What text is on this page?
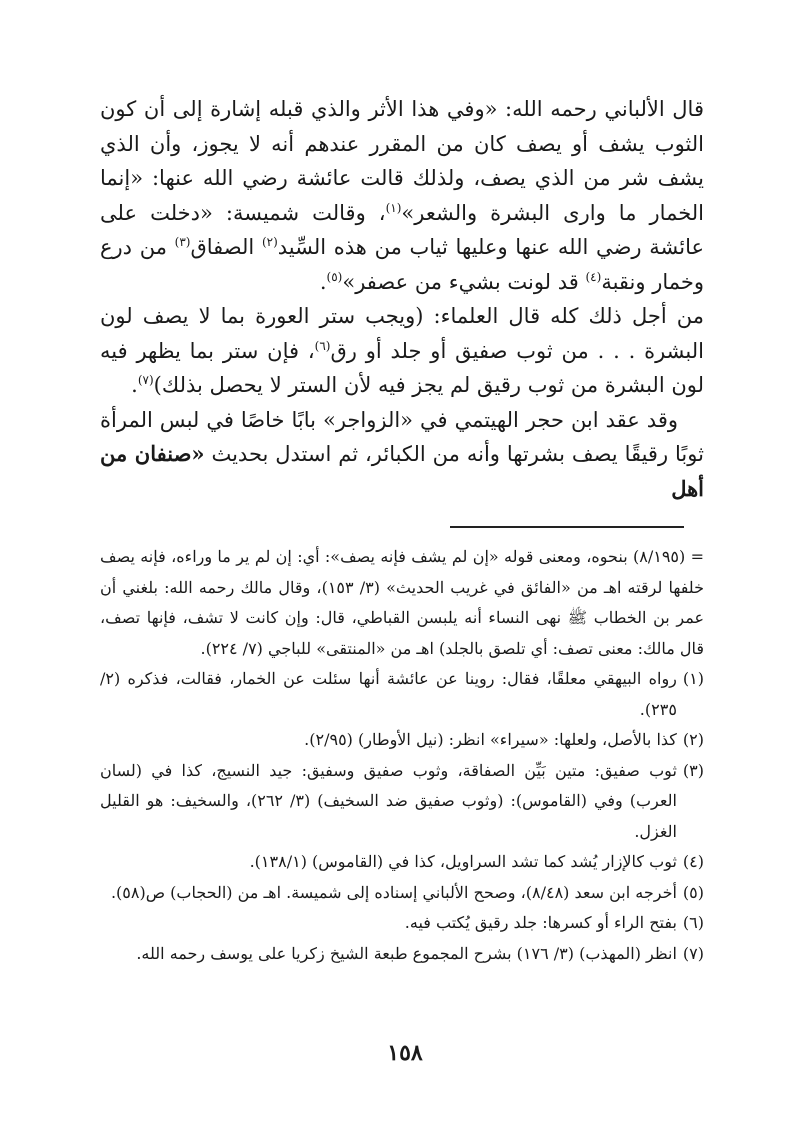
قال الألباني رحمه الله: «وفي هذا الأثر والذي قبله إشارة إلى أن كون الثوب يشف أو يصف كان من المقرر عندهم أنه لا يجوز، وأن الذي يشف شر من الذي يصف، ولذلك قالت عائشة رضي الله عنها: «إنما الخمار ما وارى البشرة والشعر»$^{(١)}$، وقالت شميسة: «دخلت على عائشة رضي الله عنها وعليها ثياب من هذه السِّيد$^{(٢)}$ الصفاق$^{(٣)}$ من درع وخمار ونقبة$^{(٤)}$ قد لونت بشيء من عصفر»$^{(٥)}$.

من أجل ذلك كله قال العلماء: (ويجب ستر العورة بما لا يصف لون البشرة . . . من ثوب صفيق أو جلد أو رق$^{(٦)}$، فإن ستر بما يظهر فيه لون البشرة من ثوب رقيق لم يجز فيه لأن الستر لا يحصل بذلك)$^{(٧)}$.

وقد عقد ابن حجر الهيتمي في «الزواجر» بابًا خاصًا في لبس المرأة ثوبًا رقيقًا يصف بشرتها وأنه من الكبائر، ثم استدل بحديث «صنفان من أهل

= (٨/١٩٥) بنحوه، ومعنى قوله «إن لم يشف فإنه يصف»: أي: إن لم ير ما وراءه، فإنه يصف خلفها لرقته اهـ من «الفائق في غريب الحديث» (٣/ ١٥٣)، وقال مالك رحمه الله: بلغني أن عمر بن الخطاب ﷺ نهى النساء أنه يلبسن القباطي، قال: وإن كانت لا تشف، فإنها تصف، قال مالك: معنى تصف: أي تلصق بالجلد) اهـ من «المنتقى» للباجي (٧/ ٢٢٤).

(١)
رواه البيهقي معلقًا، فقال: روينا عن عائشة أنها سئلت عن الخمار، فقالت، فذكره (٢/ ٢٣٥).

(٢)
كذا بالأصل، ولعلها: «سيراء» انظر: (نيل الأوطار) (٢/٩٥).

(٣)
ثوب صفيق: متين بَيِّن الصفاقة، وثوب صفيق وسفيق: جيد النسيج، كذا في (لسان العرب) وفي (القاموس): (وثوب صفيق ضد السخيف) (٣/ ٢٦٢)، والسخيف: هو القليل الغزل.

(٤)
ثوب كالإزار يُشد كما تشد السراويل، كذا في (القاموس) (١٣٨/١).

(٥)
أخرجه ابن سعد (٨/٤٨)، وصحح الألباني إسناده إلى شميسة. اهـ من (الحجاب) ص(٥٨).

(٦)
بفتح الراء أو كسرها: جلد رقيق يُكتب فيه.

(٧)
انظر (المهذب) (٣/ ١٧٦) بشرح المجموع طبعة الشيخ زكريا على يوسف رحمه الله.

١٥٨
